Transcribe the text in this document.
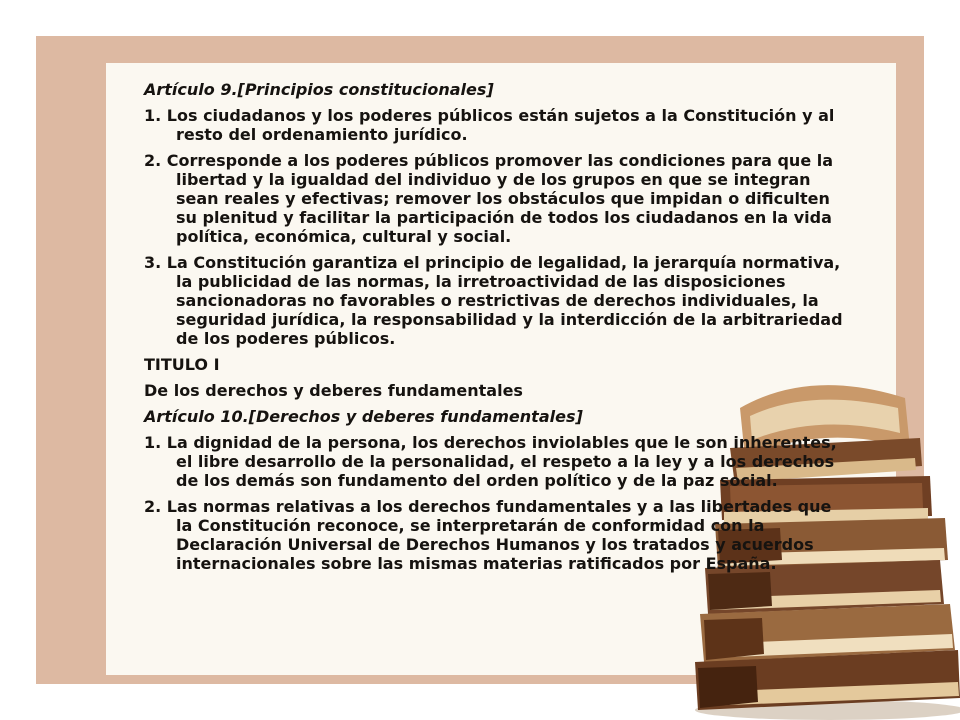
Artículo 9.[Principios constitucionales]

1. Los ciudadanos y los poderes públicos están sujetos a la Constitución y al resto del ordenamiento jurídico.

2. Corresponde a los poderes públicos promover las condiciones para que la libertad y la igualdad del individuo y de los grupos en que se integran sean reales y efectivas; remover los obstáculos que impidan o dificulten su plenitud y facilitar la participación de todos los ciudadanos en la vida política, económica, cultural y social.

3. La Constitución garantiza el principio de legalidad, la jerarquía normativa, la publicidad de las normas, la irretroactividad de las disposiciones sancionadoras no favorables o restrictivas de derechos individuales, la seguridad jurídica, la responsabilidad y la interdicción de la arbitrariedad de los poderes públicos.

TITULO I

De los derechos y deberes fundamentales

Artículo 10.[Derechos y deberes fundamentales]

1. La dignidad de la persona, los derechos inviolables que le son inherentes, el libre desarrollo de la personalidad, el respeto a la ley y a los derechos de los demás son fundamento del orden político y de la paz social.

2. Las normas relativas a los derechos fundamentales y a las libertades que la Constitución reconoce, se interpretarán de conformidad con la Declaración Universal de Derechos Humanos y los tratados y acuerdos internacionales sobre las mismas materias ratificados por España.
